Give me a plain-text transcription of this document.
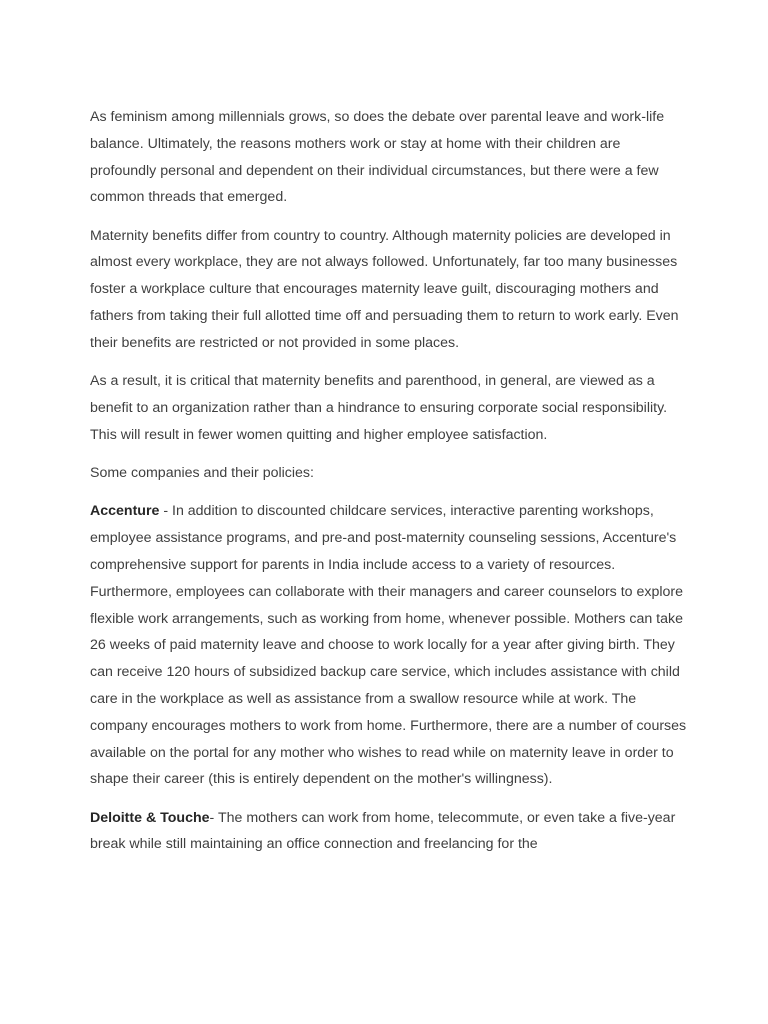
As feminism among millennials grows, so does the debate over parental leave and work-life balance. Ultimately, the reasons mothers work or stay at home with their children are profoundly personal and dependent on their individual circumstances, but there were a few common threads that emerged.

Maternity benefits differ from country to country. Although maternity policies are developed in almost every workplace, they are not always followed. Unfortunately, far too many businesses foster a workplace culture that encourages maternity leave guilt, discouraging mothers and fathers from taking their full allotted time off and persuading them to return to work early. Even their benefits are restricted or not provided in some places.

As a result, it is critical that maternity benefits and parenthood, in general, are viewed as a benefit to an organization rather than a hindrance to ensuring corporate social responsibility. This will result in fewer women quitting and higher employee satisfaction.

Some companies and their policies:

Accenture - In addition to discounted childcare services, interactive parenting workshops, employee assistance programs, and pre-and post-maternity counseling sessions, Accenture's comprehensive support for parents in India include access to a variety of resources. Furthermore, employees can collaborate with their managers and career counselors to explore flexible work arrangements, such as working from home, whenever possible. Mothers can take 26 weeks of paid maternity leave and choose to work locally for a year after giving birth. They can receive 120 hours of subsidized backup care service, which includes assistance with child care in the workplace as well as assistance from a swallow resource while at work. The company encourages mothers to work from home. Furthermore, there are a number of courses available on the portal for any mother who wishes to read while on maternity leave in order to shape their career (this is entirely dependent on the mother's willingness).

Deloitte & Touche- The mothers can work from home, telecommute, or even take a five-year break while still maintaining an office connection and freelancing for the
